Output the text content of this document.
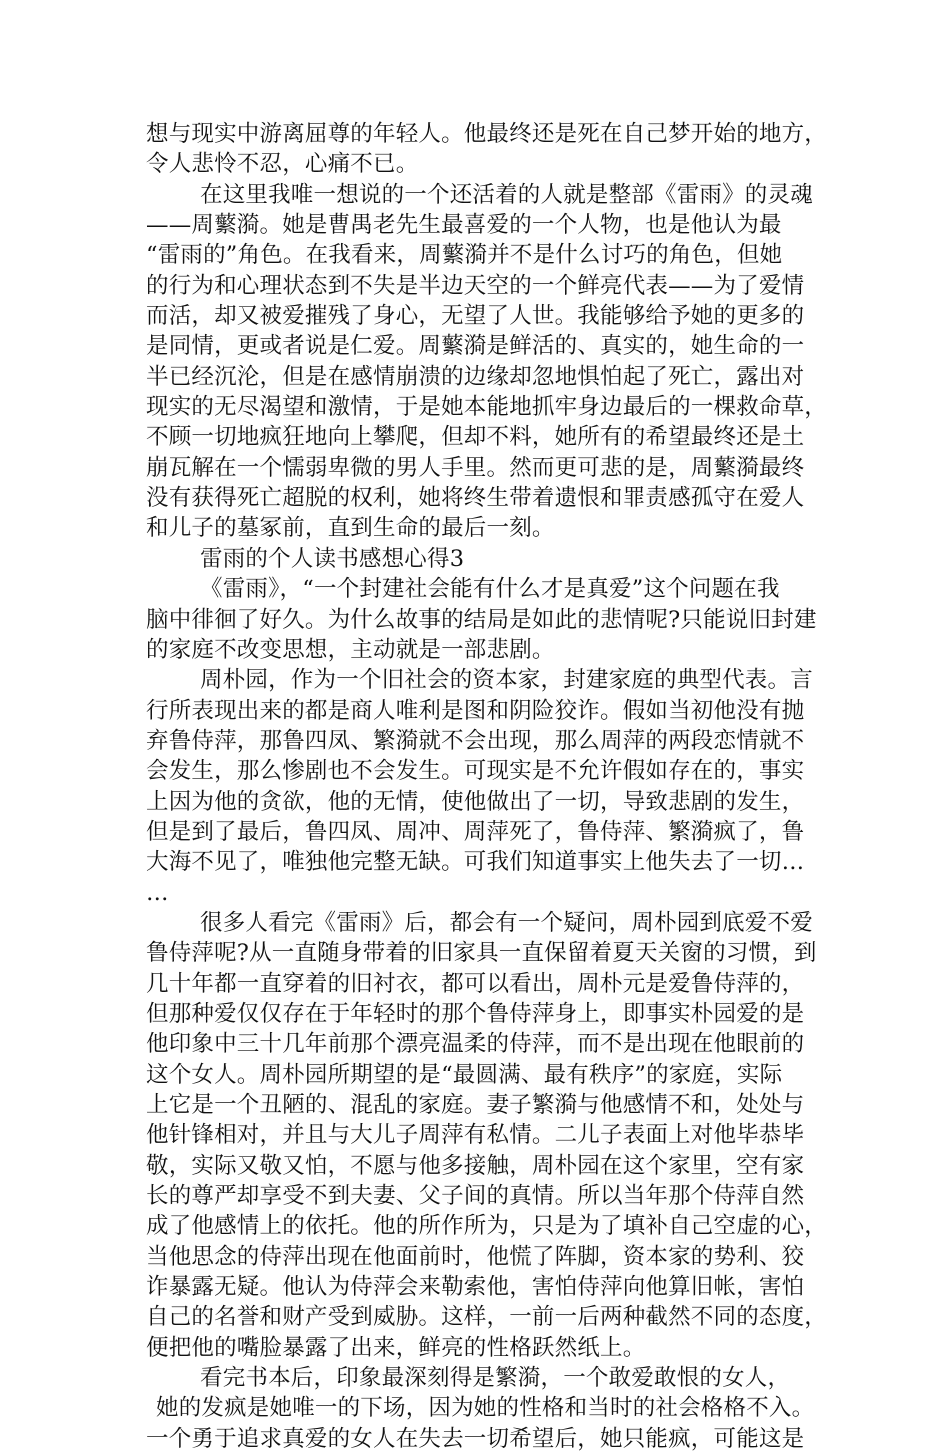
想与现实中游离屈尊的年轻人。他最终还是死在自己梦开始的地方，
令人悲怜不忍，心痛不已。
在这里我唯一想说的一个还活着的人就是整部《雷雨》的灵魂
——周蘩漪。她是曹禺老先生最喜爱的一个人物，也是他认为最
“雷雨的”角色。在我看来，周蘩漪并不是什么讨巧的角色，但她
的行为和心理状态到不失是半边天空的一个鲜亮代表——为了爱情
而活，却又被爱摧残了身心，无望了人世。我能够给予她的更多的
是同情，更或者说是仁爱。周蘩漪是鲜活的、真实的，她生命的一
半已经沉沦，但是在感情崩溃的边缘却忽地惧怕起了死亡，露出对
现实的无尽渴望和激情，于是她本能地抓牢身边最后的一棵救命草，
不顾一切地疯狂地向上攀爬，但却不料，她所有的希望最终还是土
崩瓦解在一个懦弱卑微的男人手里。然而更可悲的是，周蘩漪最终
没有获得死亡超脱的权利，她将终生带着遗恨和罪责感孤守在爱人
和儿子的墓冢前，直到生命的最后一刻。
雷雨的个人读书感想心得3
《雷雨》，“一个封建社会能有什么才是真爱”这个问题在我
脑中徘徊了好久。为什么故事的结局是如此的悲情呢?只能说旧封建
的家庭不改变思想，主动就是一部悲剧。
周朴园，作为一个旧社会的资本家，封建家庭的典型代表。言
行所表现出来的都是商人唯利是图和阴险狡诈。假如当初他没有抛
弃鲁侍萍，那鲁四凤、繁漪就不会出现，那么周萍的两段恋情就不
会发生，那么惨剧也不会发生。可现实是不允许假如存在的，事实
上因为他的贪欲，他的无情，使他做出了一切，导致悲剧的发生，
但是到了最后，鲁四凤、周冲、周萍死了，鲁侍萍、繁漪疯了，鲁
大海不见了，唯独他完整无缺。可我们知道事实上他失去了一切…
…
很多人看完《雷雨》后，都会有一个疑问，周朴园到底爱不爱
鲁侍萍呢?从一直随身带着的旧家具一直保留着夏天关窗的习惯，到
几十年都一直穿着的旧衬衣，都可以看出，周朴元是爱鲁侍萍的，
但那种爱仅仅存在于年轻时的那个鲁侍萍身上，即事实朴园爱的是
他印象中三十几年前那个漂亮温柔的侍萍，而不是出现在他眼前的
这个女人。周朴园所期望的是“最圆满、最有秩序”的家庭，实际
上它是一个丑陋的、混乱的家庭。妻子繁漪与他感情不和，处处与
他针锋相对，并且与大儿子周萍有私情。二儿子表面上对他毕恭毕
敬，实际又敬又怕，不愿与他多接触，周朴园在这个家里，空有家
长的尊严却享受不到夫妻、父子间的真情。所以当年那个侍萍自然
成了他感情上的依托。他的所作所为，只是为了填补自己空虚的心，
当他思念的侍萍出现在他面前时，他慌了阵脚，资本家的势利、狡
诈暴露无疑。他认为侍萍会来勒索他，害怕侍萍向他算旧帐，害怕
自己的名誉和财产受到威胁。这样，一前一后两种截然不同的态度，
便把他的嘴脸暴露了出来，鲜亮的性格跃然纸上。
看完书本后，印象最深刻得是繁漪，一个敢爱敢恨的女人，
她的发疯是她唯一的下场，因为她的性格和当时的社会格格不入。
一个勇于追求真爱的女人在失去一切希望后，她只能疯，可能这是
